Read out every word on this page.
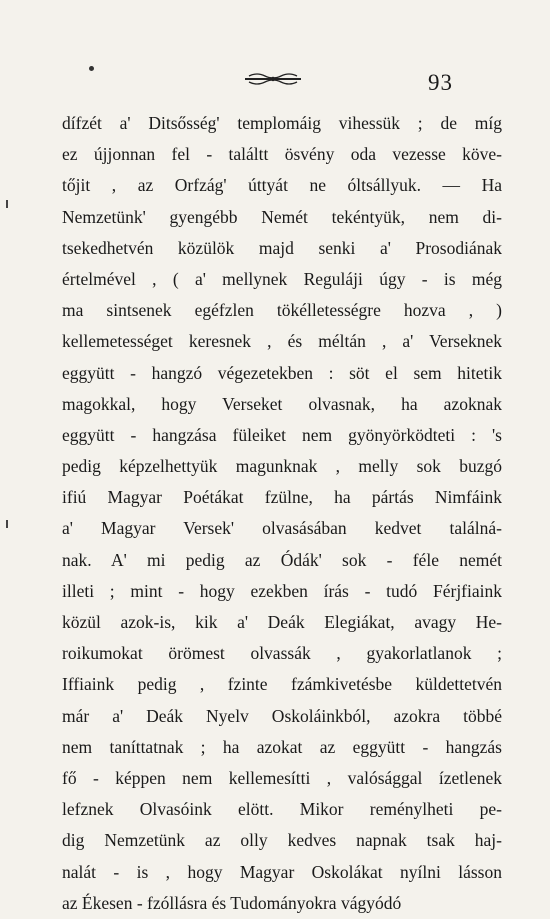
93
dífzét a' Ditsősség' templomáig vihessük ; de míg
ez újjonnan fel - találtt ösvény oda vezesse köve-
tőjit , az Orfzág' úttyát ne óltsállyuk. — Ha
Nemzetünk' gyengébb Nemét tekéntyük, nem di-
tsekedhetvén közülök majd senki a' Prosodiának
értelmével , ( a' mellynek Reguláji úgy - is még
ma sintsenek egéfzlen tökélletességre hozva , )
kellemetességet keresnek , és méltán , a' Verseknek
eggyütt - hangzó végezetekben : söt el sem hitetik
magokkal, hogy Verseket olvasnak, ha azoknak
eggyütt - hangzása füleiket nem gyönyörködteti : 's
pedig képzelhettyük magunknak , melly sok buzgó
ifiú Magyar Poétákat fzülne, ha pártás Nimfáink
a' Magyar Versek' olvasásában kedvet találná-
nak. A' mi pedig az Ódák' sok - féle nemét
illeti ; mint - hogy ezekben írás - tudó Férjfiaink
közül azok-is, kik a' Deák Elegiákat, avagy He-
roikumokat örömest olvassák , gyakorlatlanok ;
Iffiaink pedig , fzinte fzámkivetésbe küldettetvén
már a' Deák Nyelv Oskoláinkból, azokra többé
nem taníttatnak ; ha azokat az eggyütt - hangzás
fő - képpen nem kellemesítti , valósággal ízetlenek
lefznek Olvasóink elött. Mikor reménylheti pe-
dig Nemzetünk az olly kedves napnak tsak haj-
nalát - is , hogy Magyar Oskolákat nyílni lásson
az Ékesen - fzóllásra és Tudományokra vágyódó
